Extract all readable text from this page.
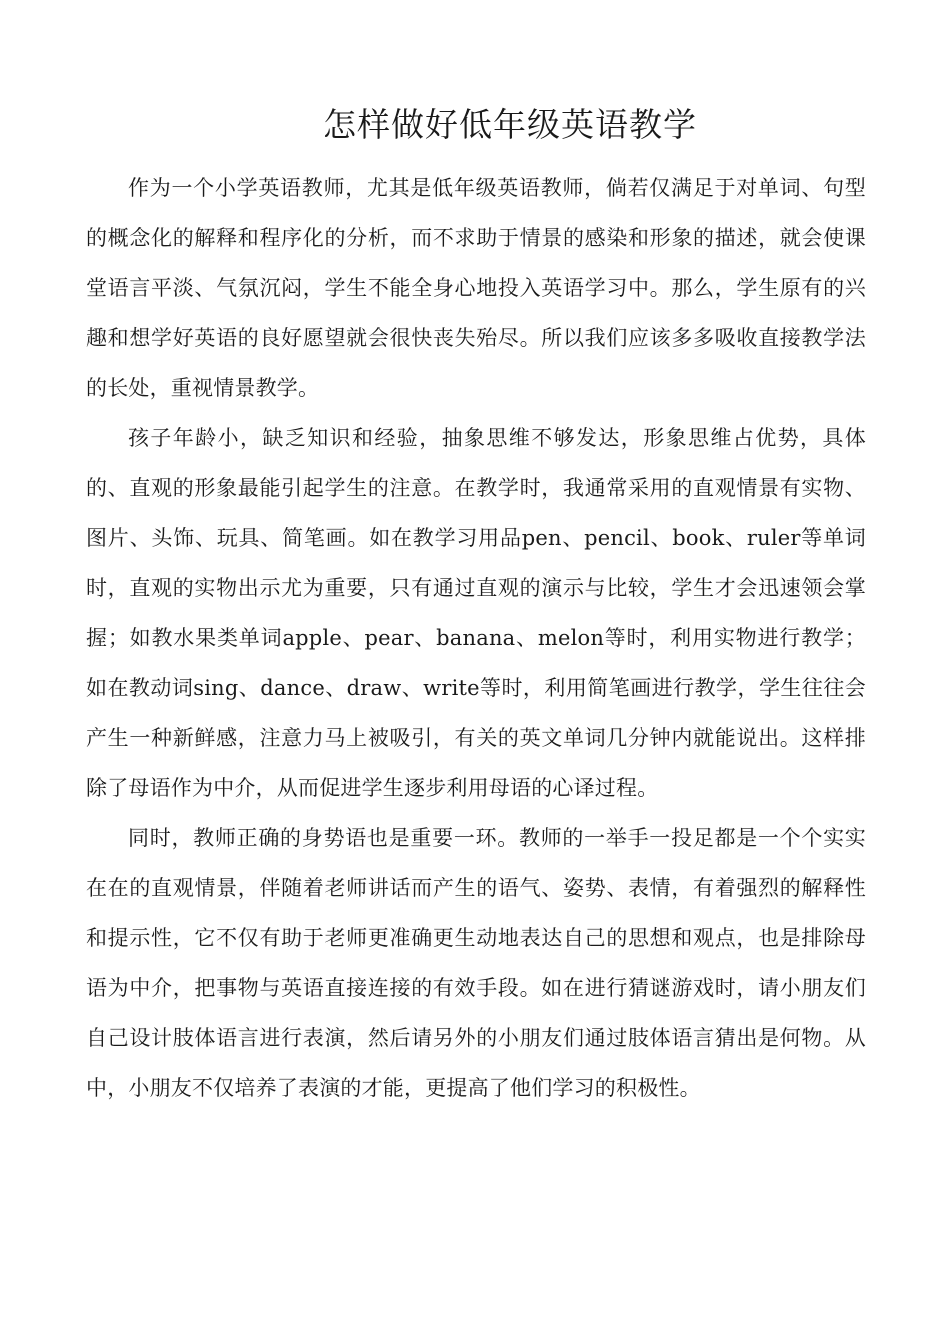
怎样做好低年级英语教学

作为一个小学英语教师，尤其是低年级英语教师，倘若仅满足于对单词、句型的概念化的解释和程序化的分析，而不求助于情景的感染和形象的描述，就会使课堂语言平淡、气氛沉闷，学生不能全身心地投入英语学习中。那么，学生原有的兴趣和想学好英语的良好愿望就会很快丧失殆尽。所以我们应该多多吸收直接教学法的长处，重视情景教学。

孩子年龄小，缺乏知识和经验，抽象思维不够发达，形象思维占优势，具体的、直观的形象最能引起学生的注意。在教学时，我通常采用的直观情景有实物、图片、头饰、玩具、简笔画。如在教学习用品pen、pencil、book、ruler等单词时，直观的实物出示尤为重要，只有通过直观的演示与比较，学生才会迅速领会掌握；如教水果类单词apple、pear、banana、melon等时，利用实物进行教学；如在教动词sing、dance、draw、write等时，利用简笔画进行教学，学生往往会产生一种新鲜感，注意力马上被吸引，有关的英文单词几分钟内就能说出。这样排除了母语作为中介，从而促进学生逐步利用母语的心译过程。

同时，教师正确的身势语也是重要一环。教师的一举手一投足都是一个个实实在在的直观情景，伴随着老师讲话而产生的语气、姿势、表情，有着强烈的解释性和提示性，它不仅有助于老师更准确更生动地表达自己的思想和观点，也是排除母语为中介，把事物与英语直接连接的有效手段。如在进行猜谜游戏时，请小朋友们自己设计肢体语言进行表演，然后请另外的小朋友们通过肢体语言猜出是何物。从中，小朋友不仅培养了表演的才能，更提高了他们学习的积极性。
